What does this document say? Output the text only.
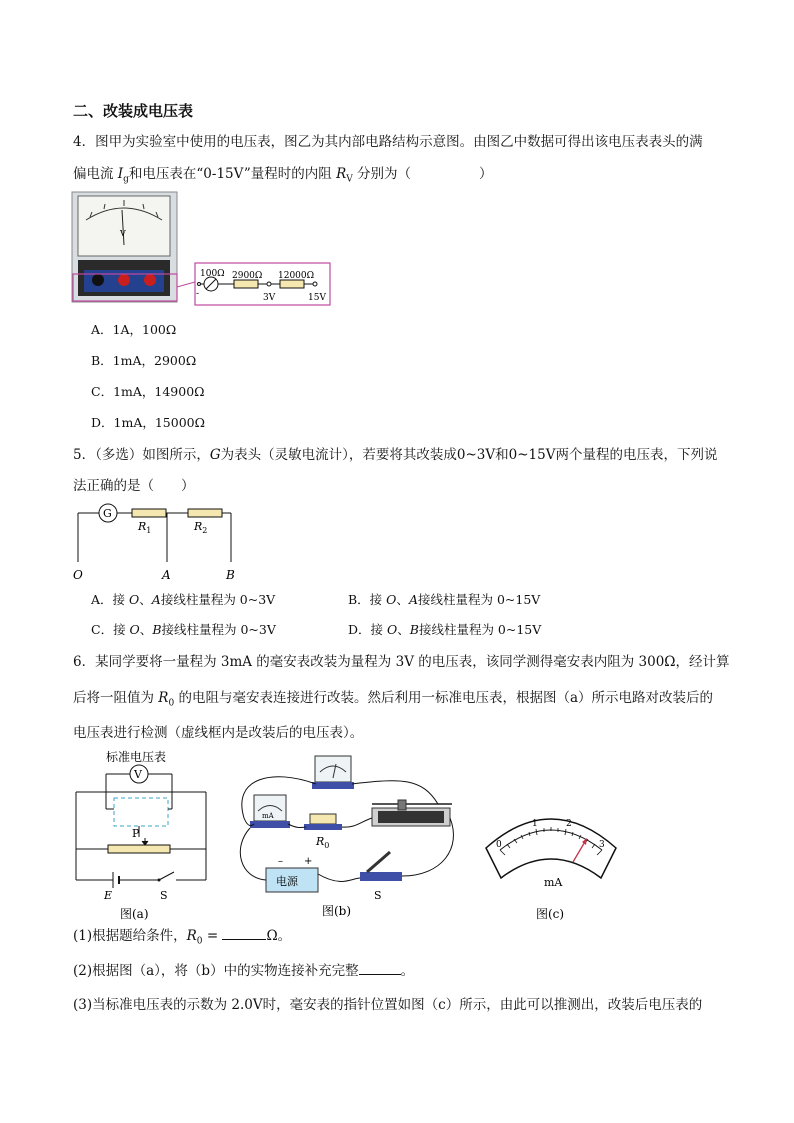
二、改装成电压表
4．图甲为实验室中使用的电压表，图乙为其内部电路结构示意图。由图乙中数据可得出该电压表表头的满
偏电流 $I_g$和电压表在“0-15V”量程时的内阻 $R_V$ 分别为（	）
V
100Ω 2900Ω 12000Ω
3V	15V
-
A．1A，100Ω
B．1mA，2900Ω
C．1mA，14900Ω
D．1mA，15000Ω
5．（多选）如图所示，G为表头（灵敏电流计），若要将其改装成0~3V和0~15V两个量程的电压表，下列说
法正确的是（　　）
G
$R_1$	$R_2$
O	A	B
A．接 O、A接线柱量程为 0~3V	B．接 O、A接线柱量程为 0~15V
C．接 O、B接线柱量程为 0~3V	D．接 O、B接线柱量程为 0~15V
6．某同学要将一量程为 3mA 的毫安表改装为量程为 3V 的电压表，该同学测得毫安表内阻为 300Ω，经计算
后将一阻值为 $R_0$ 的电阻与毫安表连接进行改装。然后利用一标准电压表，根据图（a）所示电路对改装后的
电压表进行检测（虚线框内是改装后的电压表）。
标准电压表
V
P
E	S
图(a)
mA
$R_0$
电源
– +
S
图(b)
0
1	2
3
mA
图(c)
(1)根据题给条件，$R_0$ =	Ω。
(2)根据图（a），将（b）中的实物连接补充完整	。
(3)当标准电压表的示数为 2.0V时，毫安表的指针位置如图（c）所示，由此可以推测出，改装后电压表的
